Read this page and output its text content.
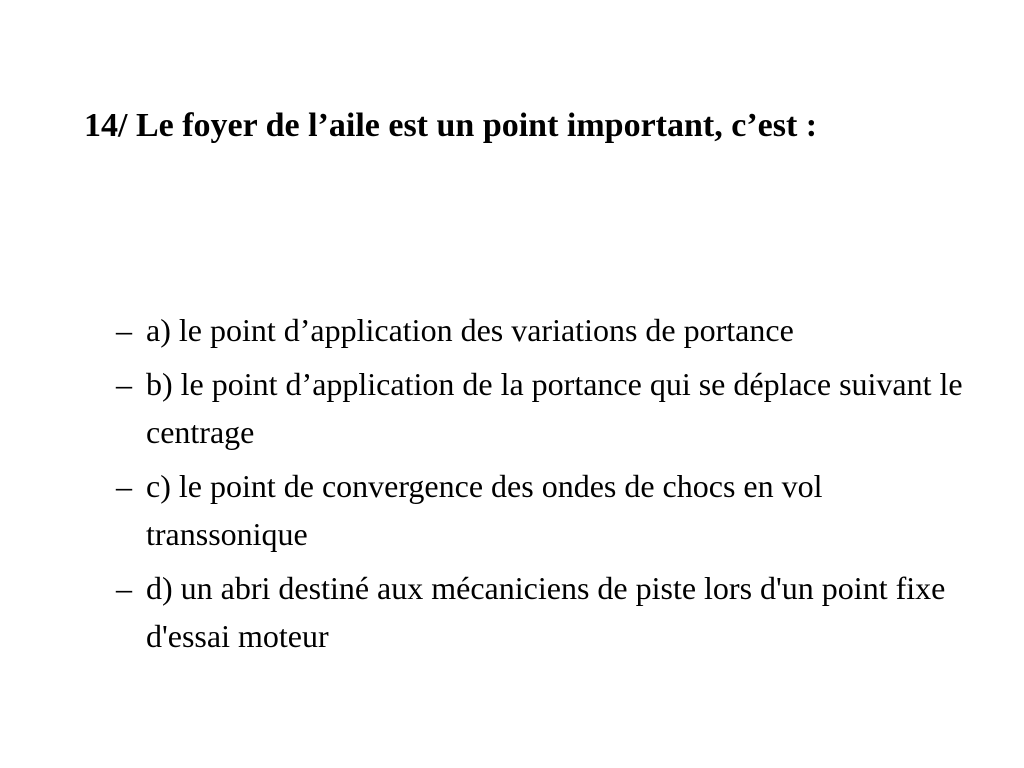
14/ Le foyer de l’aile est un point important, c’est :
– a) le point d’application des variations de portance
– b) le point d’application de la portance qui se déplace suivant le centrage
– c) le point de convergence des ondes de chocs en vol transsonique
– d) un abri destiné aux mécaniciens de piste lors d'un point fixe d'essai moteur
